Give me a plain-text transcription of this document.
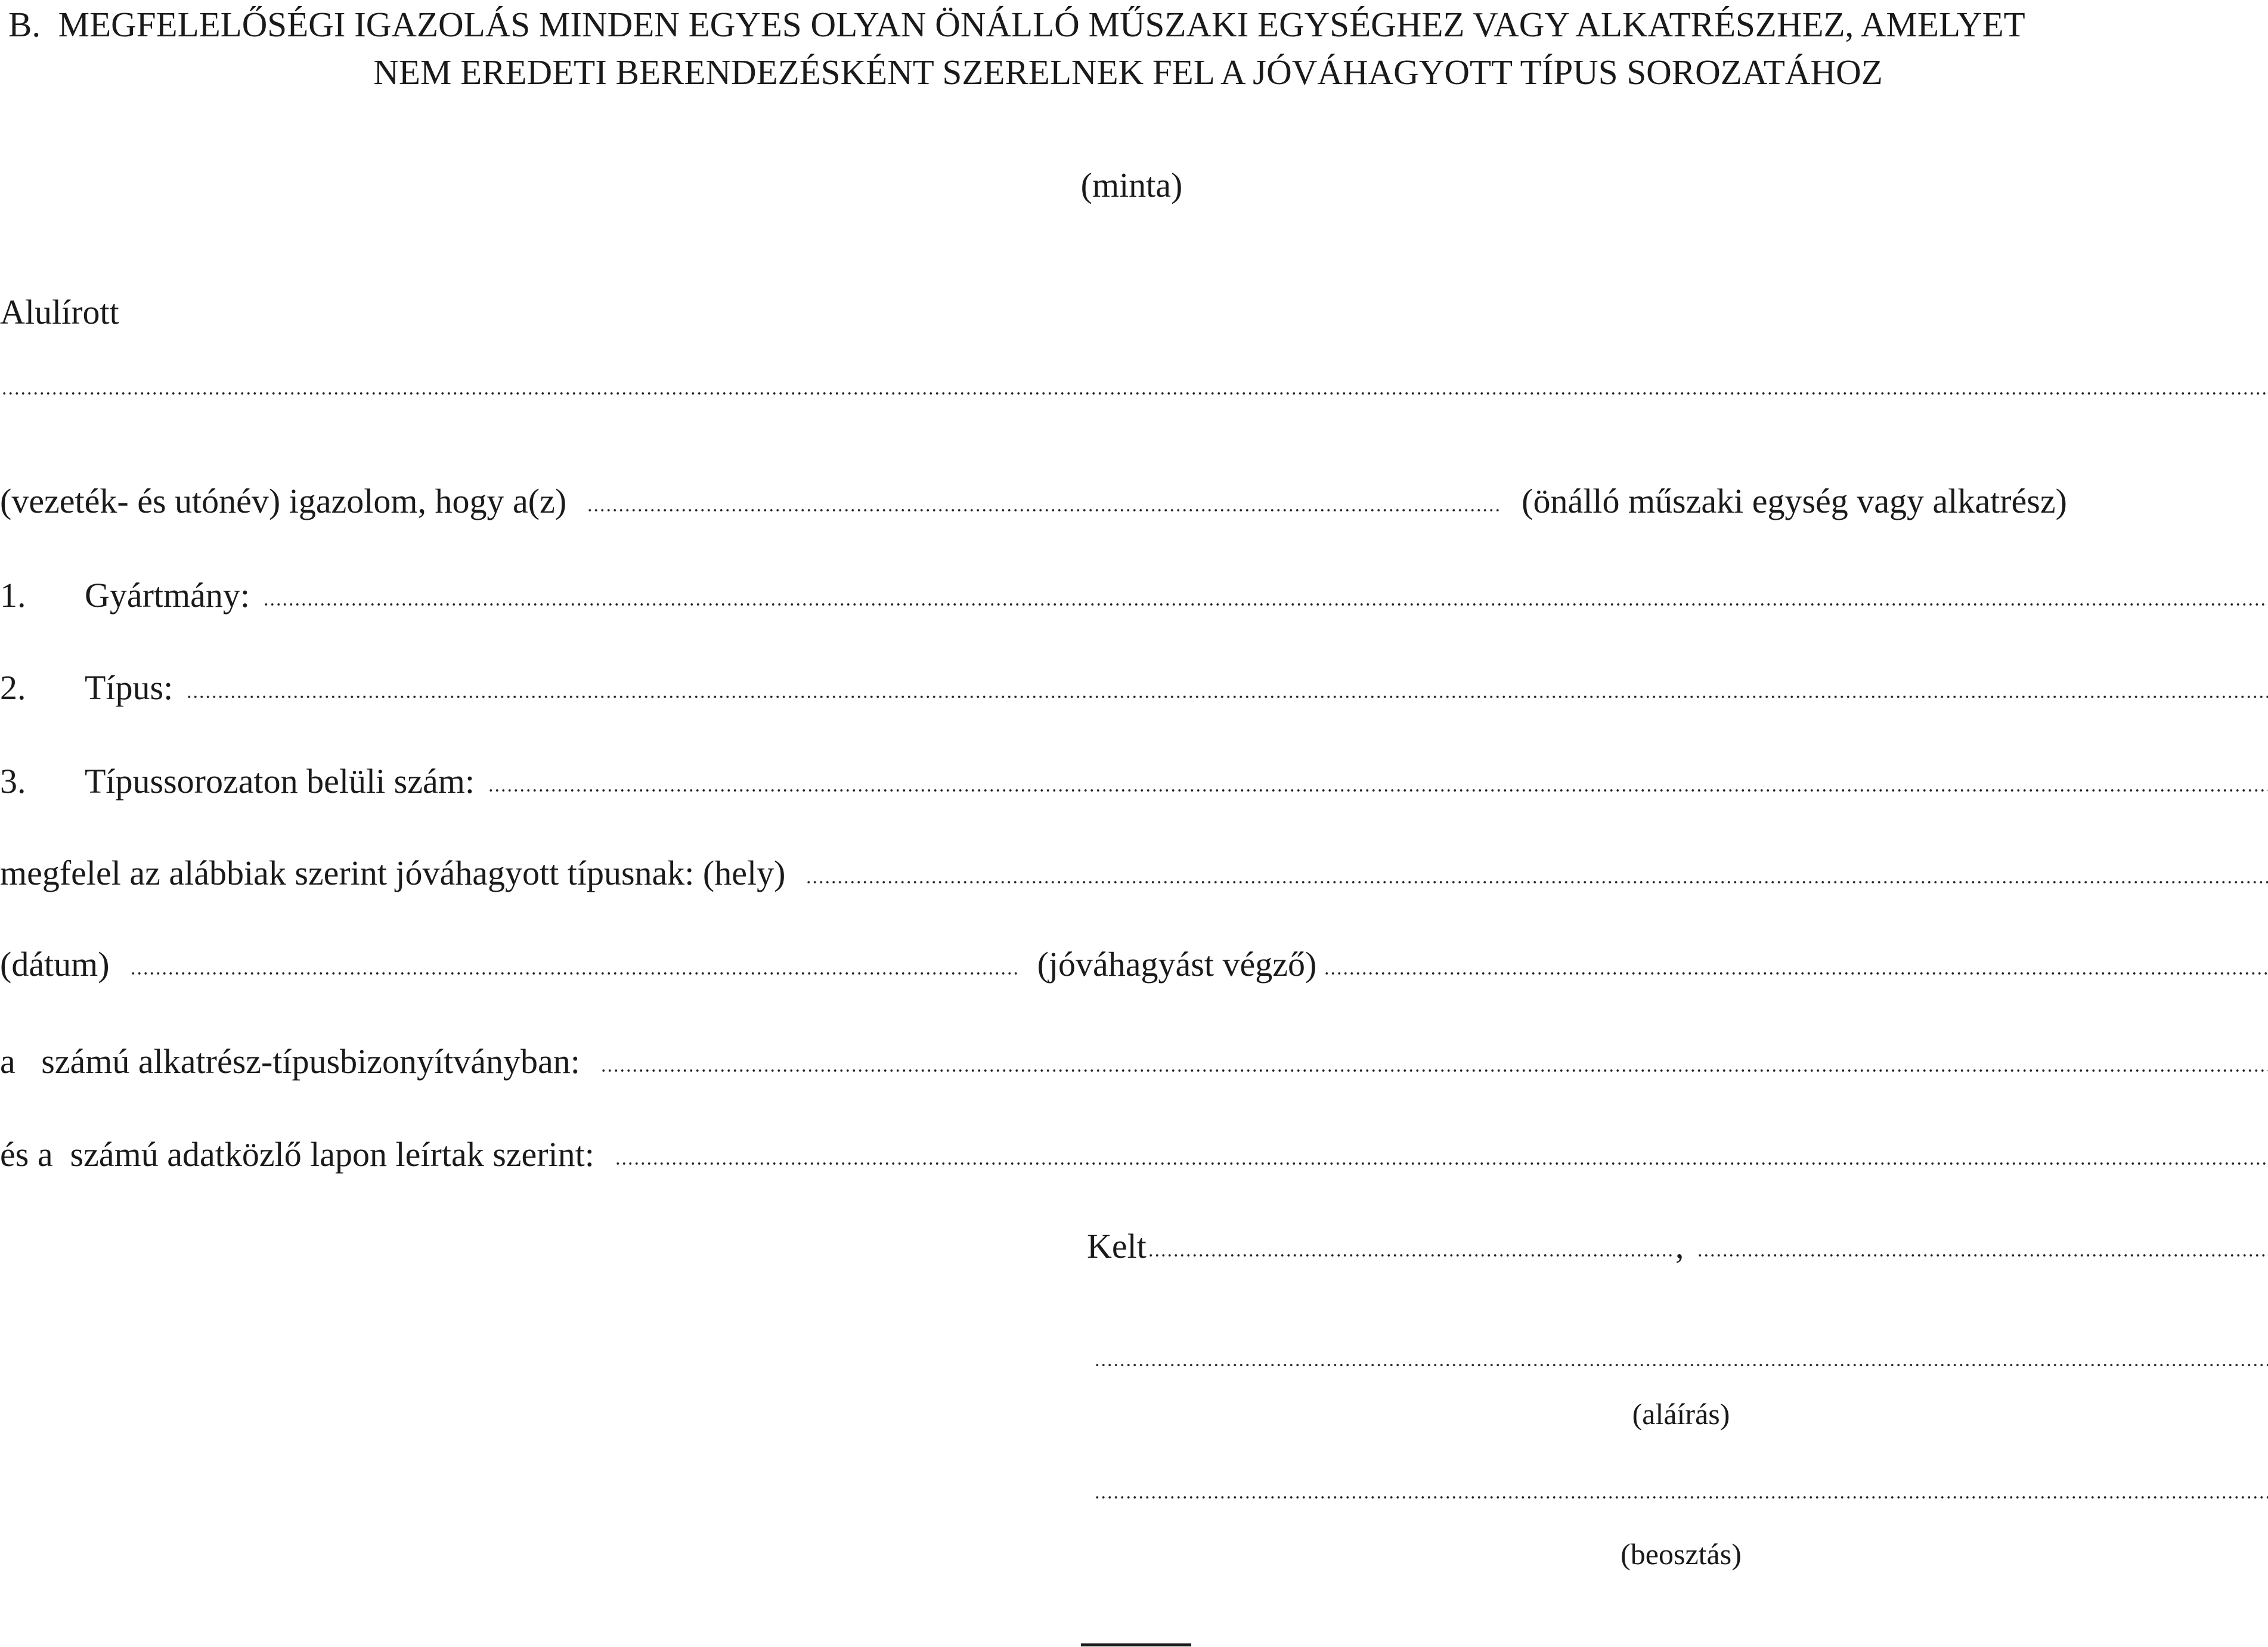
B. MEGFELELŐSÉGI IGAZOLÁS MINDEN EGYES OLYAN ÖNÁLLÓ MŰSZAKI EGYSÉGHEZ VAGY ALKATRÉSZHEZ, AMELYET
NEM EREDETI BERENDEZÉSKÉNT SZERELNEK FEL A JÓVÁHAGYOTT TÍPUS SOROZATÁHOZ
(minta)
Alulírott
(vezeték- és utónév) igazolom, hogy a(z)	(önálló műszaki egység vagy alkatrész)
1.	Gyártmány:
2.	Típus:
3.	Típussorozaton belüli szám:
megfelel az alábbiak szerint jóváhagyott típusnak: (hely)
(dátum)	(jóváhagyást végző)
a   számú alkatrész-típusbizonyítványban:
és a  számú adatközlő lapon leírtak szerint:
Kelt	,
(aláírás)
(beosztás)
